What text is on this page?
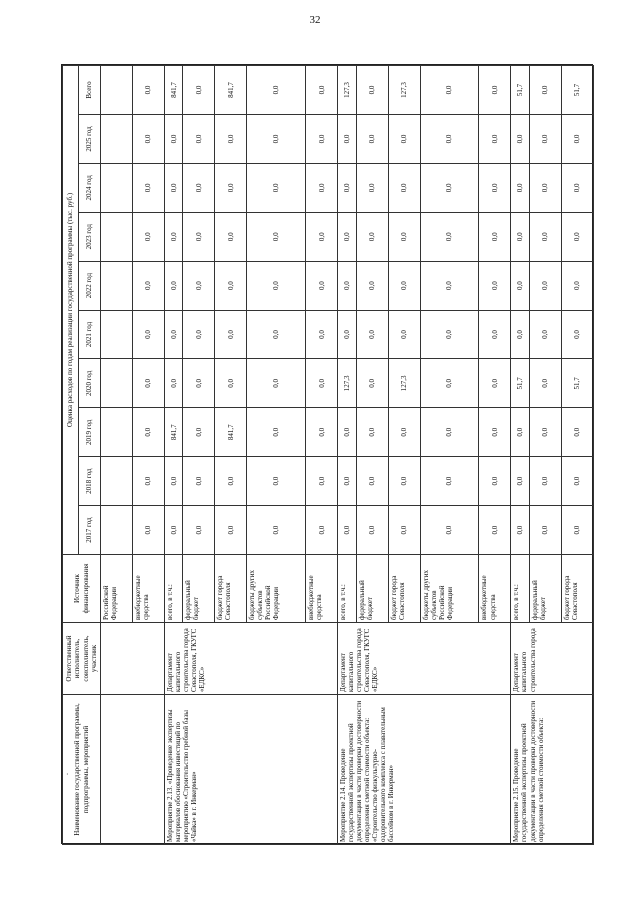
32
Наименование государственной программы, подпрограммы, мероприятий	Ответственный исполнитель, соисполнитель, участник	Источник финансирования	Оценка расходов по годам реализации государственной программы (тыс. руб.)									
			2017 год	2018 год	2019 год	2020 год	2021 год	2022 год	2023 год	2024 год	2025 год	Всего
		Российской Федерации										
		внебюджетные средства	0,0	0,0	0,0	0,0	0,0	0,0	0,0	0,0	0,0	0,0
Мероприятие 2.13. «Проведение экспертизы материалов обоснования инвестиций по мероприятию «Строительство гребной базы «Чайка» в г. Инкерман»	Департамент капитального строительства города Севастополя, ГКУГС «ЕДКС»	всего, в т.ч.:	0,0	0,0	841,7	0,0	0,0	0,0	0,0	0,0	0,0	841,7
		федеральный бюджет	0,0	0,0	0,0	0,0	0,0	0,0	0,0	0,0	0,0	0,0
		бюджет города Севастополя	0,0	0,0	841,7	0,0	0,0	0,0	0,0	0,0	0,0	841,7
		бюджеты других субъектов Российской Федерации	0,0	0,0	0,0	0,0	0,0	0,0	0,0	0,0	0,0	0,0
		внебюджетные средства	0,0	0,0	0,0	0,0	0,0	0,0	0,0	0,0	0,0	0,0
Мероприятие 2.14. Проведение государственной экспертизы проектной документации в части проверки достоверности определения сметной стоимости объекта: «Строительство физкультурно-оздоровительного комплекса с плавательным бассейном в г. Инкерман»	Департамент капитального строительства города Севастополя, ГКУГС «ЕДКС»	всего, в т.ч.:	0,0	0,0	0,0	127,3	0,0	0,0	0,0	0,0	0,0	127,3
		федеральный бюджет	0,0	0,0	0,0	0,0	0,0	0,0	0,0	0,0	0,0	0,0
		бюджет города Севастополя	0,0	0,0	0,0	127,3	0,0	0,0	0,0	0,0	0,0	127,3
		бюджеты других субъектов Российской Федерации	0,0	0,0	0,0	0,0	0,0	0,0	0,0	0,0	0,0	0,0
		внебюджетные средства	0,0	0,0	0,0	0,0	0,0	0,0	0,0	0,0	0,0	0,0
Мероприятие 2.15. Проведение государственной экспертизы проектной документации в части проверки достоверности определения сметной стоимости объекта:	Департамент капитального строительства города	всего, в т.ч.:	0,0	0,0	0,0	51,7	0,0	0,0	0,0	0,0	0,0	51,7
		федеральный бюджет	0,0	0,0	0,0	0,0	0,0	0,0	0,0	0,0	0,0	0,0
		бюджет города Севастополя	0,0	0,0	0,0	51,7	0,0	0,0	0,0	0,0	0,0	51,7
·
